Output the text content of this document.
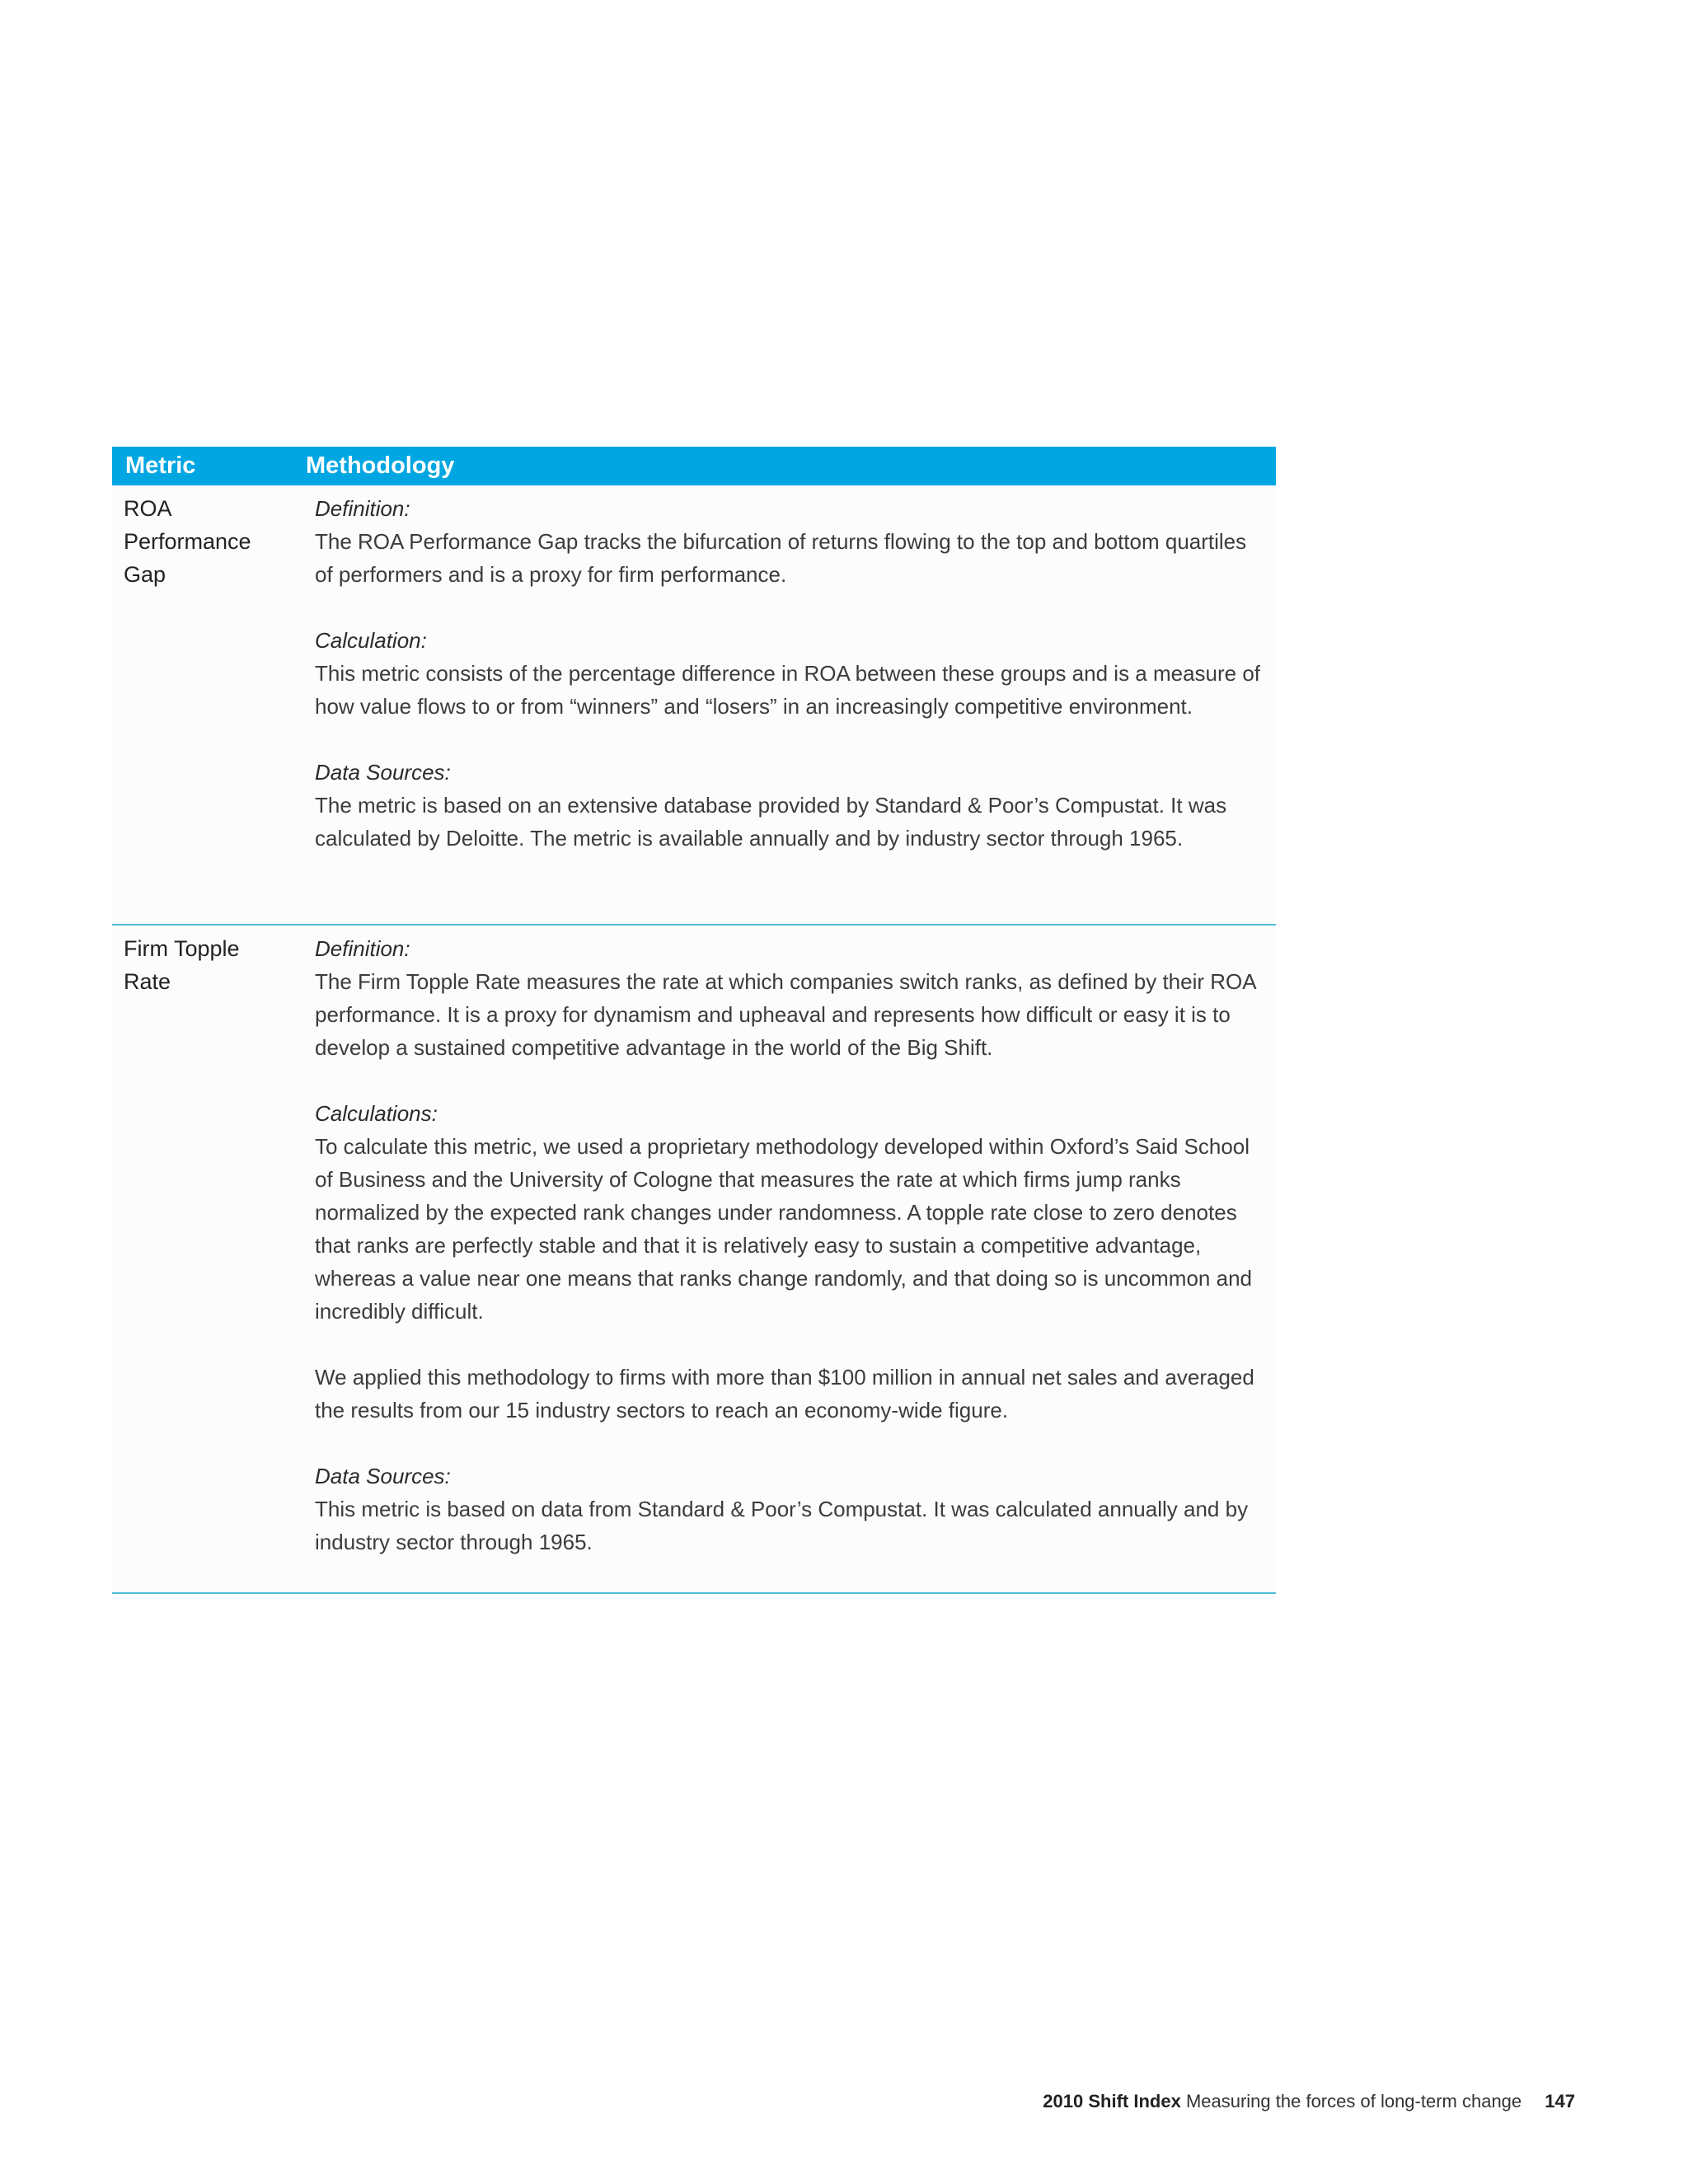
Metric	Methodology
ROA
Performance
Gap
Definition:
The ROA Performance Gap tracks the bifurcation of returns flowing to the top and bottom quartiles of performers and is a proxy for firm performance.
Calculation:
This metric consists of the percentage difference in ROA between these groups and is a measure of how value flows to or from “winners” and “losers” in an increasingly competitive environment.
Data Sources:
The metric is based on an extensive database provided by Standard & Poor’s Compustat. It was calculated by Deloitte. The metric is available annually and by industry sector through 1965.
Firm Topple
Rate
Definition:
The Firm Topple Rate measures the rate at which companies switch ranks, as defined by their ROA performance. It is a proxy for dynamism and upheaval and represents how difficult or easy it is to develop a sustained competitive advantage in the world of the Big Shift.
Calculations:
To calculate this metric, we used a proprietary methodology developed within Oxford’s Said School of Business and the University of Cologne that measures the rate at which firms jump ranks normalized by the expected rank changes under randomness. A topple rate close to zero denotes that ranks are perfectly stable and that it is relatively easy to sustain a competitive advantage, whereas a value near one means that ranks change randomly, and that doing so is uncommon and incredibly difficult.
We applied this methodology to firms with more than $100 million in annual net sales and averaged the results from our 15 industry sectors to reach an economy-wide figure.
Data Sources:
This metric is based on data from Standard & Poor’s Compustat. It was calculated annually and by industry sector through 1965.
2010 Shift Index Measuring the forces of long-term change 147
